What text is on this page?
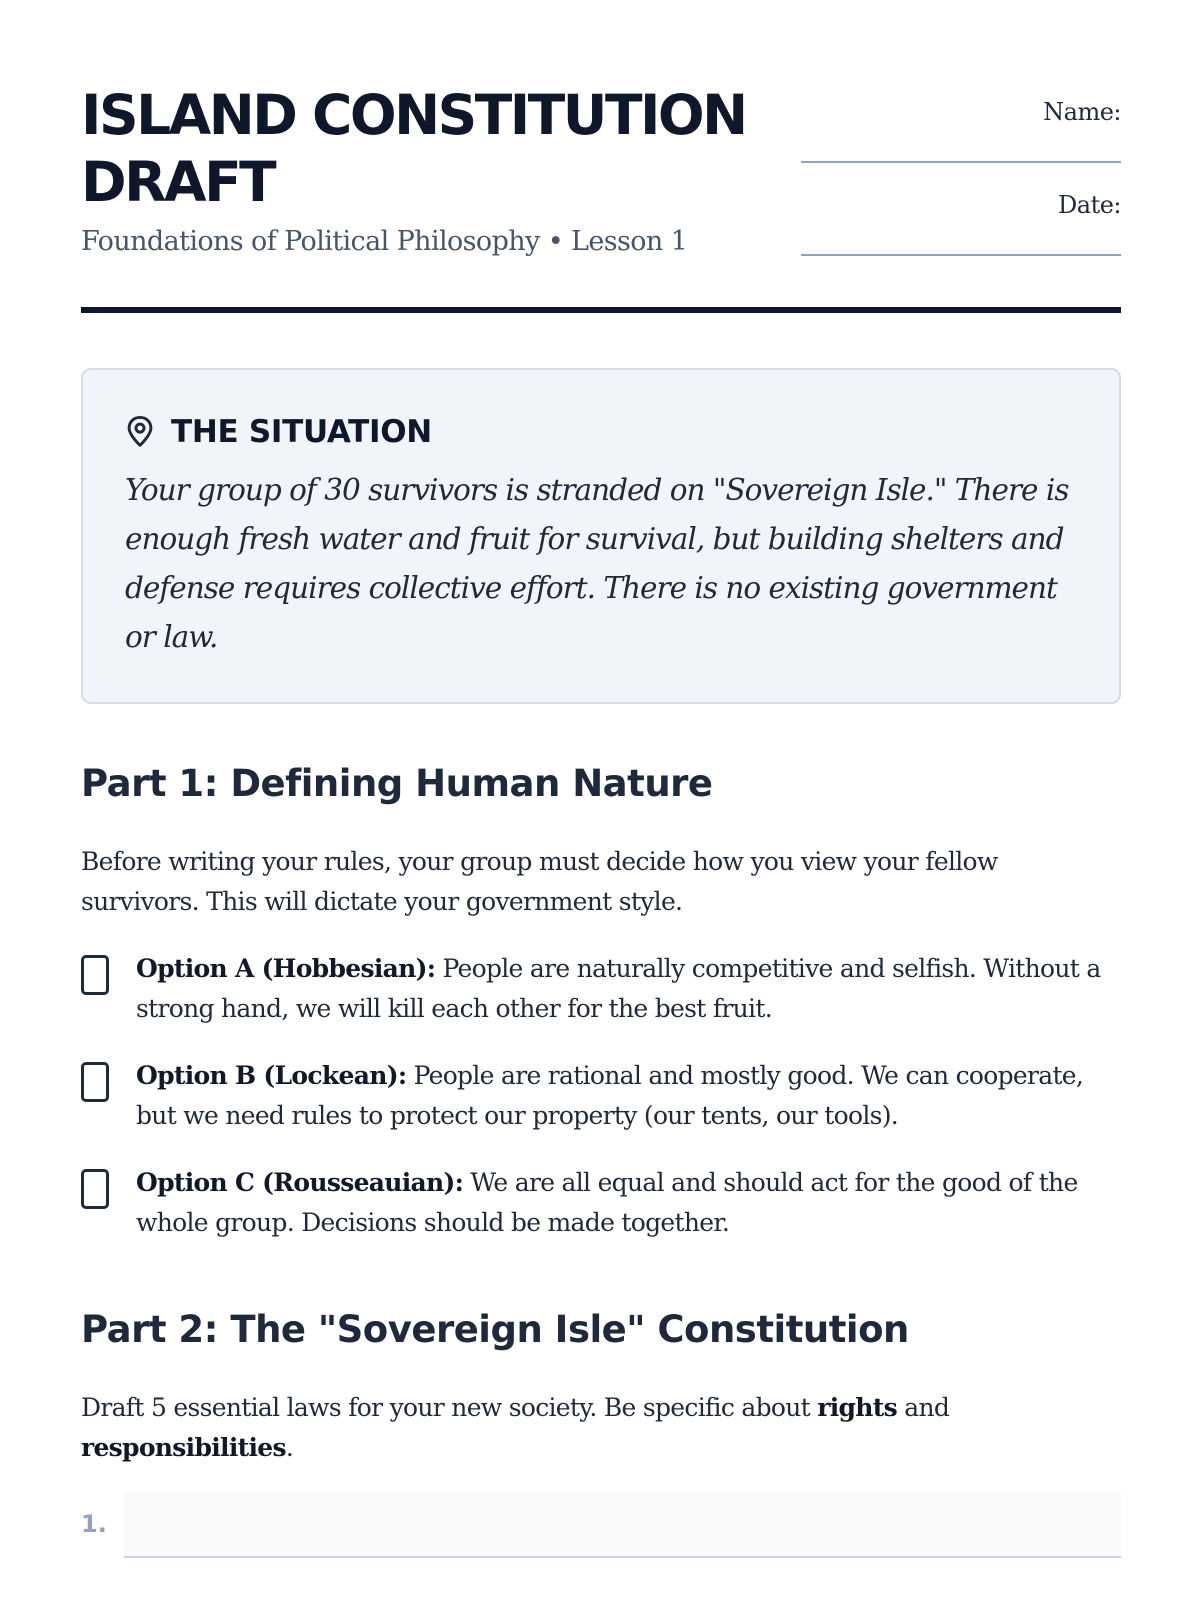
ISLAND CONSTITUTION DRAFT
Foundations of Political Philosophy • Lesson 1
Name:
Date:
THE SITUATION
Your group of 30 survivors is stranded on "Sovereign Isle." There is enough fresh water and fruit for survival, but building shelters and defense requires collective effort. There is no existing government or law.
Part 1: Defining Human Nature
Before writing your rules, your group must decide how you view your fellow survivors. This will dictate your government style.
Option A (Hobbesian): People are naturally competitive and selfish. Without a strong hand, we will kill each other for the best fruit.
Option B (Lockean): People are rational and mostly good. We can cooperate, but we need rules to protect our property (our tents, our tools).
Option C (Rousseauian): We are all equal and should act for the good of the whole group. Decisions should be made together.
Part 2: The "Sovereign Isle" Constitution
Draft 5 essential laws for your new society. Be specific about rights and responsibilities.
1.
